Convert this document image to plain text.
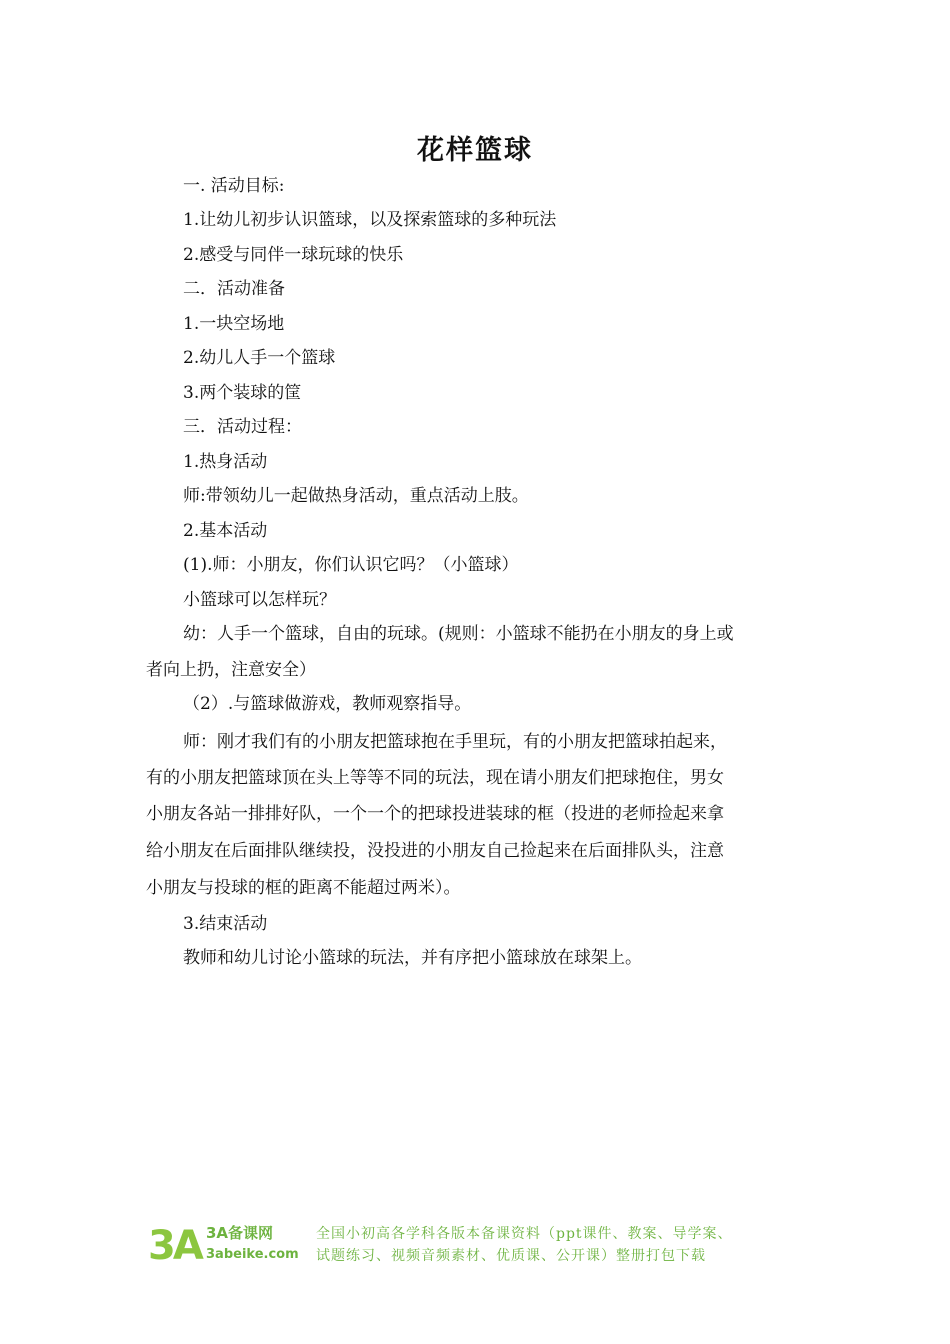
花样篮球
一. 活动目标:
1.让幼儿初步认识篮球，以及探索篮球的多种玩法
2.感受与同伴一球玩球的快乐
二．活动准备
1.一块空场地
2.幼儿人手一个篮球
3.两个装球的筐
三．活动过程：
1.热身活动
师:带领幼儿一起做热身活动，重点活动上肢。
2.基本活动
(1).师：小朋友，你们认识它吗？（小篮球）
小篮球可以怎样玩？
幼：人手一个篮球，自由的玩球。(规则：小篮球不能扔在小朋友的身上或
者向上扔，注意安全）
（2）.与篮球做游戏，教师观察指导。
师：刚才我们有的小朋友把篮球抱在手里玩，有的小朋友把篮球拍起来，
有的小朋友把篮球顶在头上等等不同的玩法，现在请小朋友们把球抱住，男女
小朋友各站一排排好队，一个一个的把球投进装球的框（投进的老师捡起来拿
给小朋友在后面排队继续投，没投进的小朋友自己捡起来在后面排队头，注意
小朋友与投球的框的距离不能超过两米）。
3.结束活动
教师和幼儿讨论小篮球的玩法，并有序把小篮球放在球架上。
3A 3A备课网
3abeike.com
全国小初高各学科各版本备课资料（ppt课件、教案、导学案、
试题练习、视频音频素材、优质课、公开课）整册打包下载
